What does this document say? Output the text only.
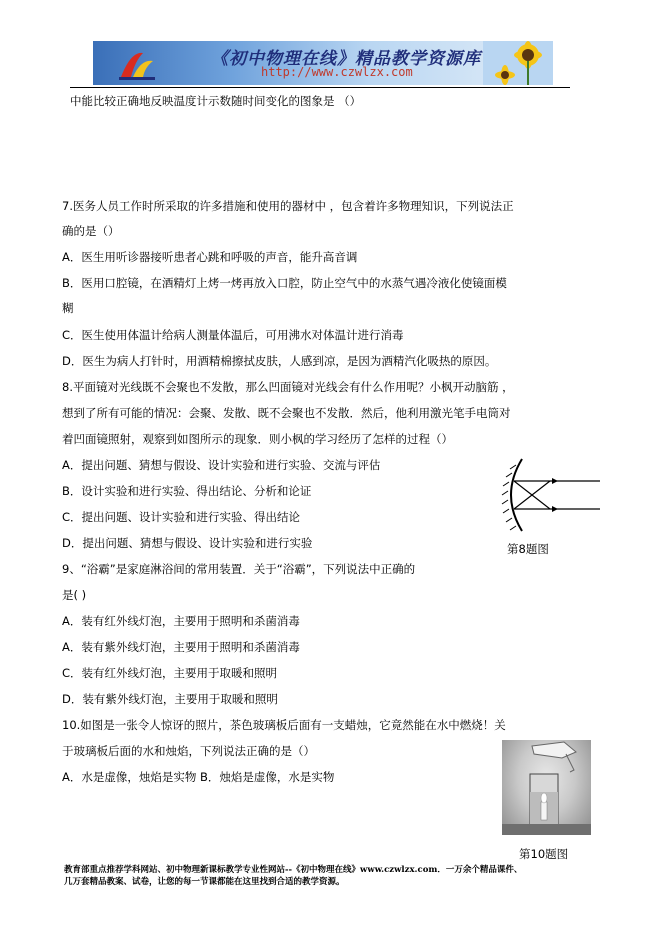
《初中物理在线》精品教学资源库
http://www.czwlzx.com
中能比较正确地反映温度计示数随时间变化的图象是 （）
7.医务人员工作时所采取的许多措施和使用的器材中 ，包含着许多物理知识，下列说法正
确的是（）
A．医生用听诊器接听患者心跳和呼吸的声音，能升高音调
B．医用口腔镜，在酒精灯上烤一烤再放入口腔，防止空气中的水蒸气遇冷液化使镜面模
糊
C．医生使用体温计给病人测量体温后，可用沸水对体温计进行消毒
D．医生为病人打针时，用酒精棉擦拭皮肤，人感到凉，是因为酒精汽化吸热的原因。
8.平面镜对光线既不会聚也不发散，那么凹面镜对光线会有什么作用呢？小枫开动脑筋 ，
想到了所有可能的情况：会聚、发散、既不会聚也不发散．然后，他利用激光笔手电筒对
着凹面镜照射，观察到如图所示的现象．则小枫的学习经历了怎样的过程（）
A．提出问题、猜想与假设、设计实验和进行实验、交流与评估
B．设计实验和进行实验、得出结论、分析和论证
C．提出问题、设计实验和进行实验、得出结论
D．提出问题、猜想与假设、设计实验和进行实验
9、“浴霸”是家庭淋浴间的常用装置．关于“浴霸”，下列说法中正确的
是( )
A．装有红外线灯泡，主要用于照明和杀菌消毒
A．装有紫外线灯泡，主要用于照明和杀菌消毒
C．装有红外线灯泡，主要用于取暖和照明
D．装有紫外线灯泡，主要用于取暖和照明
10.如图是一张令人惊讶的照片，茶色玻璃板后面有一支蜡烛，它竟然能在水中燃烧！关
于玻璃板后面的水和烛焰，下列说法正确的是（）
A．水是虚像，烛焰是实物 B．烛焰是虚像，水是实物
第8题图
第10题图
教育部重点推荐学科网站、初中物理新课标教学专业性网站--《初中物理在线》www.czwlzx.com．一万余个精品课件、
几万套精品教案、试卷，让您的每一节课都能在这里找到合适的教学资源。
